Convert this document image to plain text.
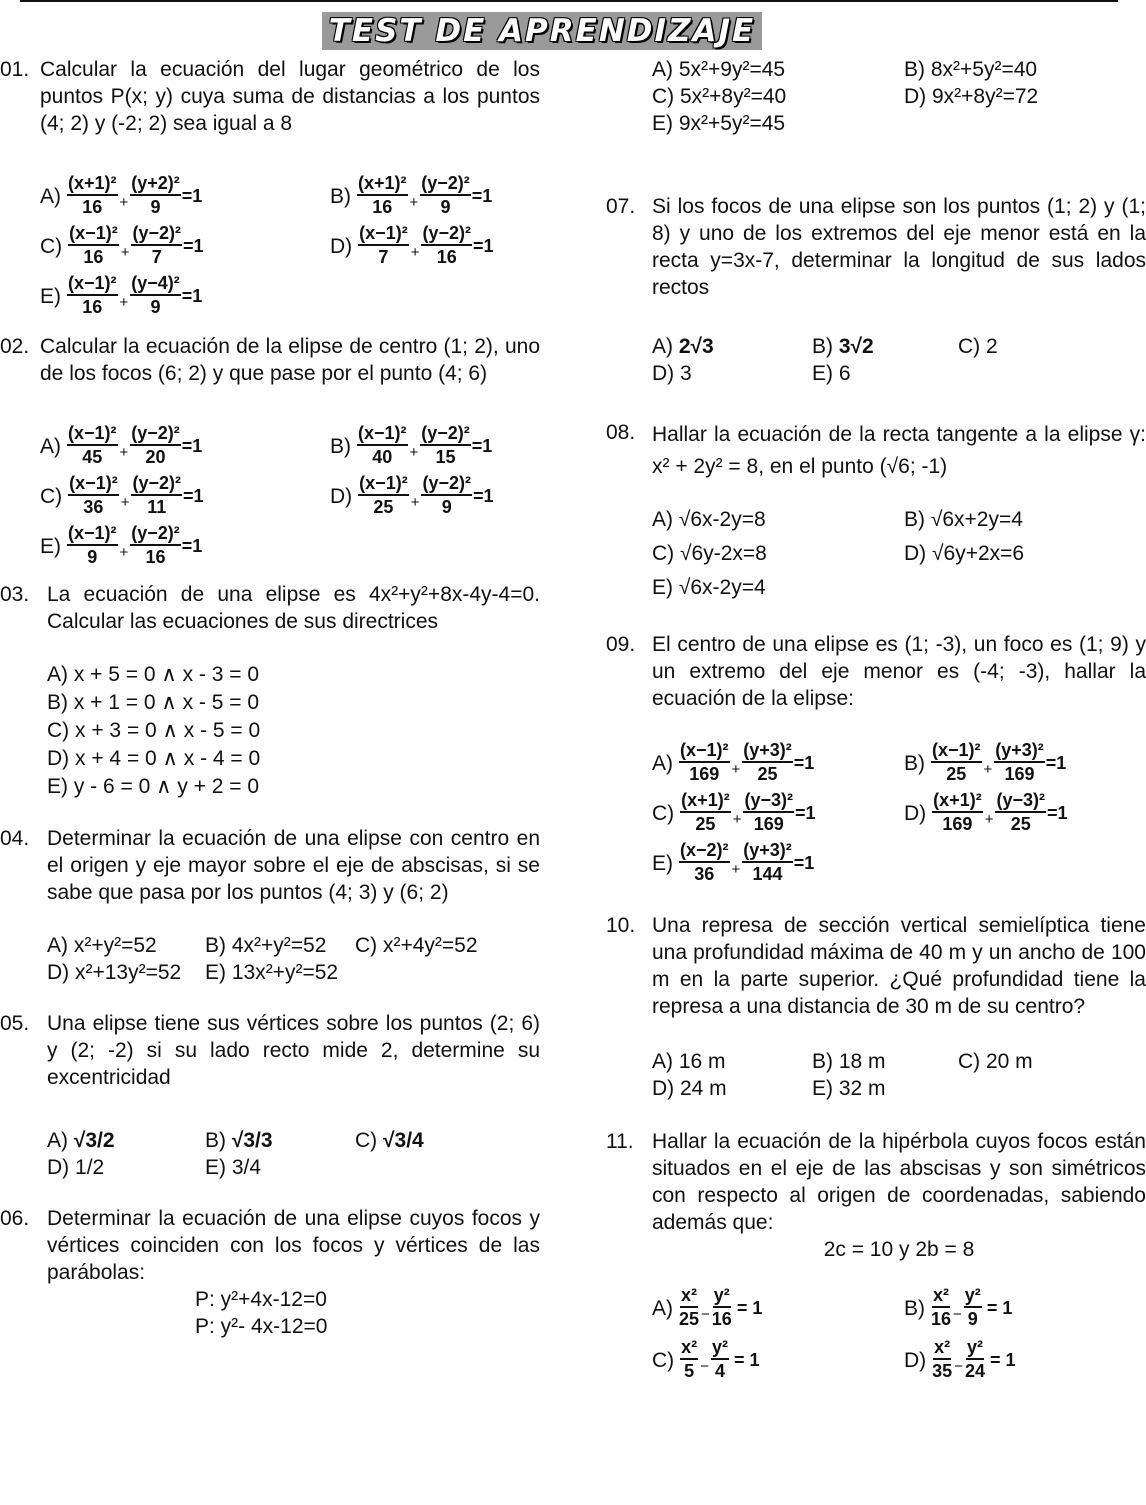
TEST DE APRENDIZAJE
01. Calcular la ecuación del lugar geométrico de los puntos P(x; y) cuya suma de distancias a los puntos (4; 2) y (-2; 2) sea igual a 8
$A) \frac{\text{(x+1)²}}{16} + \frac{\text{(y+2)²}}{9} =1$	$B) \frac{\text{(x+1)²}}{16} + \frac{\text{(y−2)²}}{9} =1$
$C) \frac{\text{(x−1)²}}{16} + \frac{\text{(y−2)²}}{7} =1$	$D) \frac{\text{(x−1)²}}{7} + \frac{\text{(y−2)²}}{16} =1$
$E) \frac{\text{(x−1)²}}{16} + \frac{\text{(y−4)²}}{9} =1$
02. Calcular la ecuación de la elipse de centro (1; 2), uno de los focos (6; 2) y que pase por el punto (4; 6)
$A) \frac{\text{(x−1)²}}{45} + \frac{\text{(y−2)²}}{20} =1$	$B) \frac{\text{(x−1)²}}{40} + \frac{\text{(y−2)²}}{15} =1$
$C) \frac{\text{(x−1)²}}{36} + \frac{\text{(y−2)²}}{11} =1$	$D) \frac{\text{(x−1)²}}{25} + \frac{\text{(y−2)²}}{9} =1$
$E) \frac{\text{(x−1)²}}{9} + \frac{\text{(y−2)²}}{16} =1$
03. La ecuación de una elipse es 4x²+y²+8x-4y-4=0. Calcular las ecuaciones de sus directrices
A) x + 5 = 0 ∧ x - 3 = 0
B) x + 1 = 0 ∧ x - 5 = 0
C) x + 3 = 0 ∧ x - 5 = 0
D) x + 4 = 0 ∧ x - 4 = 0
E) y - 6 = 0 ∧ y + 2 = 0
04. Determinar la ecuación de una elipse con centro en el origen y eje mayor sobre el eje de abscisas, si se sabe que pasa por los puntos (4; 3) y (6; 2)
A) x²+y²=52	B) 4x²+y²=52	C) x²+4y²=52
D) x²+13y²=52	E) 13x²+y²=52
05. Una elipse tiene sus vértices sobre los puntos (2; 6) y (2; -2) si su lado recto mide 2, determine su excentricidad
A) √3/2	B) √3/3	C) √3/4
D) 1/2	E) 3/4
06. Determinar la ecuación de una elipse cuyos focos y vértices coinciden con los focos y vértices de las parábolas:
P: y²+4x-12=0
P: y²- 4x-12=0
A) 5x²+9y²=45	B) 8x²+5y²=40
C) 5x²+8y²=40	D) 9x²+8y²=72
E) 9x²+5y²=45
07. Si los focos de una elipse son los puntos (1; 2) y (1; 8) y uno de los extremos del eje menor está en la recta y=3x-7, determinar la longitud de sus lados rectos
A) 2√3	B) 3√2	C) 2
D) 3	E) 6
08. Hallar la ecuación de la recta tangente a la elipse γ: x² + 2y² = 8, en el punto (√6; -1)
A) √6x-2y=8	B) √6x+2y=4
C) √6y-2x=8	D) √6y+2x=6
E) √6x-2y=4
09. El centro de una elipse es (1; -3), un foco es (1; 9) y un extremo del eje menor es (-4; -3), hallar la ecuación de la elipse:
$A) \frac{\text{(x−1)²}}{169} + \frac{\text{(y+3)²}}{25} =1$	$B) \frac{\text{(x−1)²}}{25} + \frac{\text{(y+3)²}}{169} =1$
$C) \frac{\text{(x+1)²}}{25} + \frac{\text{(y−3)²}}{169} =1$	$D) \frac{\text{(x+1)²}}{169} + \frac{\text{(y−3)²}}{25} =1$
$E) \frac{\text{(x−2)²}}{36} + \frac{\text{(y+3)²}}{144} =1$
10. Una represa de sección vertical semielíptica tiene una profundidad máxima de 40 m y un ancho de 100 m en la parte superior. ¿Qué profundidad tiene la represa a una distancia de 30 m de su centro?
A) 16 m	B) 18 m	C) 20 m
D) 24 m	E) 32 m
11. Hallar la ecuación de la hipérbola cuyos focos están situados en el eje de las abscisas y son simétricos con respecto al origen de coordenadas, sabiendo además que:
2c = 10 y 2b = 8
$A) \frac{\text{x²}}{25} - \frac{\text{y²}}{16} = 1$	$B) \frac{\text{x²}}{16} - \frac{\text{y²}}{9} = 1$
$C) \frac{\text{x²}}{5} - \frac{\text{y²}}{4} = 1$	$D) \frac{\text{x²}}{35} - \frac{\text{y²}}{24} = 1$
